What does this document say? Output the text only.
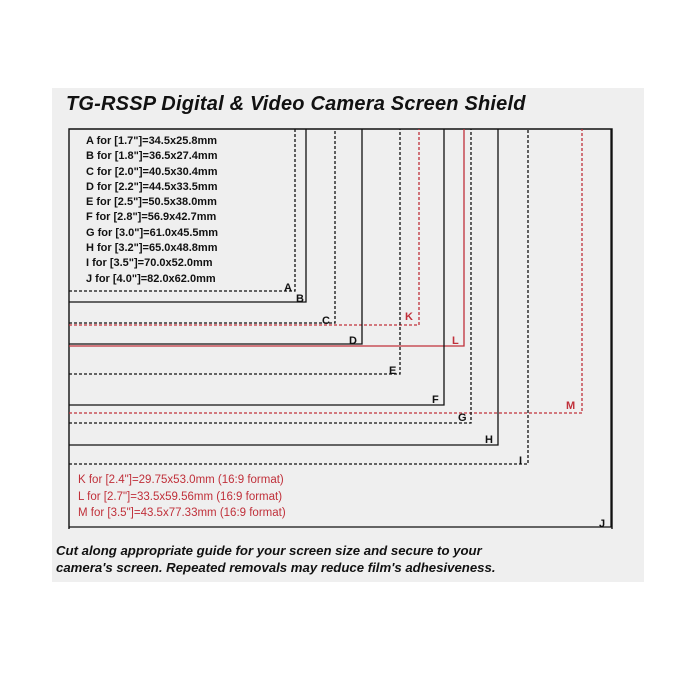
TG-RSSP Digital & Video Camera Screen Shield
K
L
M
A
B
C
D
E
F
G
H
I
J
A for [1.7"]=34.5x25.8mm
B for [1.8"]=36.5x27.4mm
C for [2.0"]=40.5x30.4mm
D for [2.2"]=44.5x33.5mm
E for [2.5"]=50.5x38.0mm
F for [2.8"]=56.9x42.7mm
G for [3.0"]=61.0x45.5mm
H for [3.2"]=65.0x48.8mm
I for [3.5"]=70.0x52.0mm
J for [4.0"]=82.0x62.0mm
K for [2.4"]=29.75x53.0mm (16:9 format)
L for [2.7"]=33.5x59.56mm (16:9 format)
M for [3.5"]=43.5x77.33mm (16:9 format)
Cut along appropriate guide for your screen size and secure to your
camera's screen. Repeated removals may reduce film's adhesiveness.
